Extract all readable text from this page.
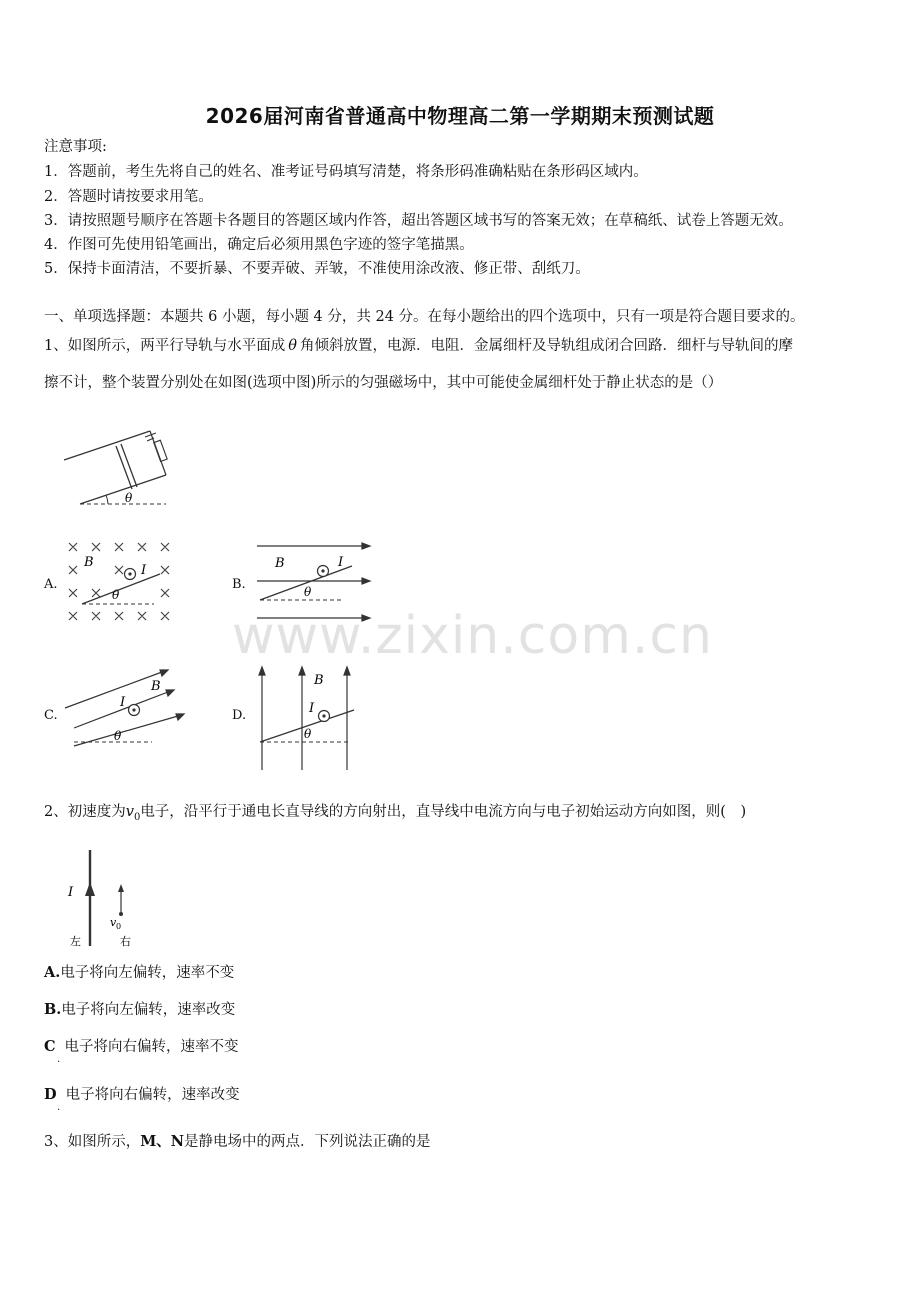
2026届河南省普通高中物理高二第一学期期末预测试题
注意事项:
1．答题前，考生先将自己的姓名、准考证号码填写清楚，将条形码准确粘贴在条形码区域内。
2．答题时请按要求用笔。
3．请按照题号顺序在答题卡各题目的答题区域内作答，超出答题区域书写的答案无效；在草稿纸、试卷上答题无效。
4．作图可先使用铅笔画出，确定后必须用黑色字迹的签字笔描黑。
5．保持卡面清洁，不要折暴、不要弄破、弄皱，不准使用涂改液、修正带、刮纸刀。
一、单项选择题：本题共 6 小题，每小题 4 分，共 24 分。在每小题给出的四个选项中，只有一项是符合题目要求的。
1、如图所示，两平行导轨与水平面成 θ 角倾斜放置，电源．电阻．金属细杆及导轨组成闭合回路．细杆与导轨间的摩
擦不计，整个装置分别处在如图(选项中图)所示的匀强磁场中，其中可能使金属细杆处于静止状态的是（）
θ
A.
B
I
θ
B.
B	I
θ
C.
B
I
θ
D.
B
I
θ
www.zixin.com.cn
2、初速度为$v_0$电子，沿平行于通电长直导线的方向射出，直导线中电流方向与电子初始运动方向如图，则(　)
I
v 0
左	右
A.电子将向左偏转，速率不变
B.电子将向左偏转，速率改变
C 电子将向右偏转，速率不变
.
D 电子将向右偏转，速率改变
.
3、如图所示，M、N是静电场中的两点．下列说法正确的是
